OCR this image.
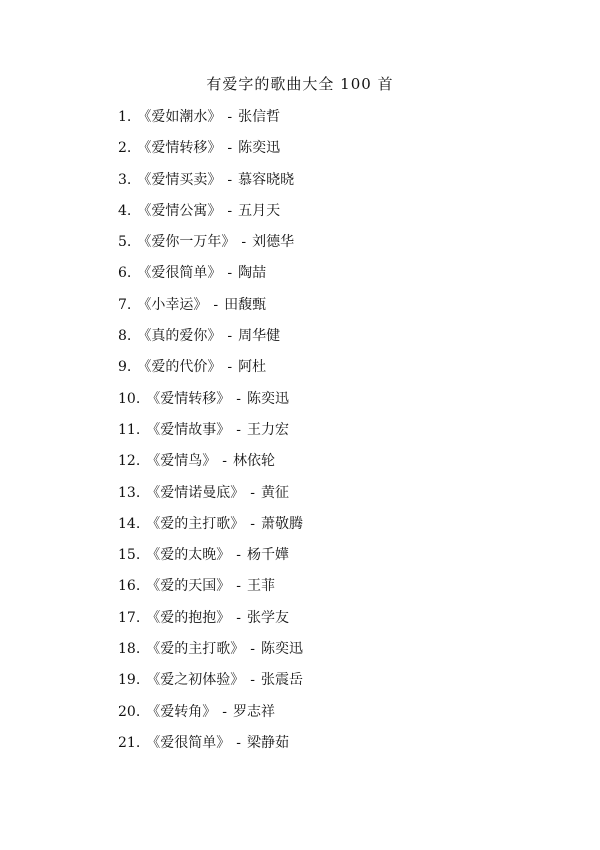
有爱字的歌曲大全 100 首
1. 《爱如潮水》 - 张信哲
2. 《爱情转移》 - 陈奕迅
3. 《爱情买卖》 - 慕容晓晓
4. 《爱情公寓》 - 五月天
5. 《爱你一万年》 - 刘德华
6. 《爱很简单》 - 陶喆
7. 《小幸运》 - 田馥甄
8. 《真的爱你》 - 周华健
9. 《爱的代价》 - 阿杜
10. 《爱情转移》 - 陈奕迅
11. 《爱情故事》 - 王力宏
12. 《爱情鸟》 - 林依轮
13. 《爱情诺曼底》 - 黄征
14. 《爱的主打歌》 - 萧敬腾
15. 《爱的太晚》 - 杨千嬅
16. 《爱的天国》 - 王菲
17. 《爱的抱抱》 - 张学友
18. 《爱的主打歌》 - 陈奕迅
19. 《爱之初体验》 - 张震岳
20. 《爱转角》 - 罗志祥
21. 《爱很简单》 - 梁静茹
